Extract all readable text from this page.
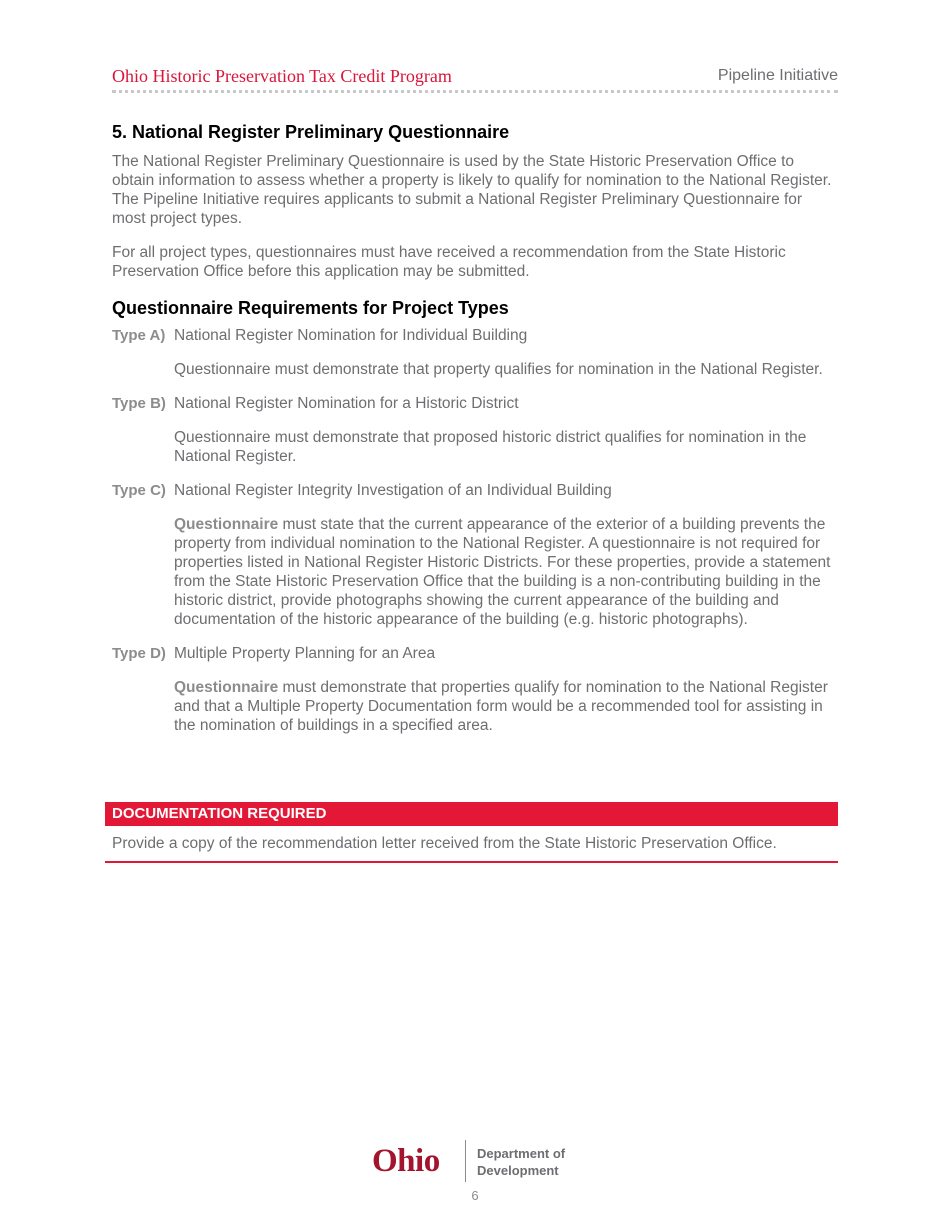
Ohio Historic Preservation Tax Credit Program	Pipeline Initiative
5. National Register Preliminary Questionnaire

The National Register Preliminary Questionnaire is used by the State Historic Preservation Office to obtain information to assess whether a property is likely to qualify for nomination to the National Register. The Pipeline Initiative requires applicants to submit a National Register Preliminary Questionnaire for most project types.

For all project types, questionnaires must have received a recommendation from the State Historic Preservation Office before this application may be submitted.

Questionnaire Requirements for Project Types
Type A) National Register Nomination for Individual Building
Questionnaire must demonstrate that property qualifies for nomination in the National Register.
Type B) National Register Nomination for a Historic District
Questionnaire must demonstrate that proposed historic district qualifies for nomination in the National Register.
Type C) National Register Integrity Investigation of an Individual Building
Questionnaire must state that the current appearance of the exterior of a building prevents the property from individual nomination to the National Register. A questionnaire is not required for properties listed in National Register Historic Districts. For these properties, provide a statement from the State Historic Preservation Office that the building is a non-contributing building in the historic district, provide photographs showing the current appearance of the building and documentation of the historic appearance of the building (e.g. historic photographs).
Type D) Multiple Property Planning for an Area
Questionnaire must demonstrate that properties qualify for nomination to the National Register and that a Multiple Property Documentation form would be a recommended tool for assisting in the nomination of buildings in a specified area.
DOCUMENTATION REQUIRED
Provide a copy of the recommendation letter received from the State Historic Preservation Office.
Ohio	Department of
Development
6
